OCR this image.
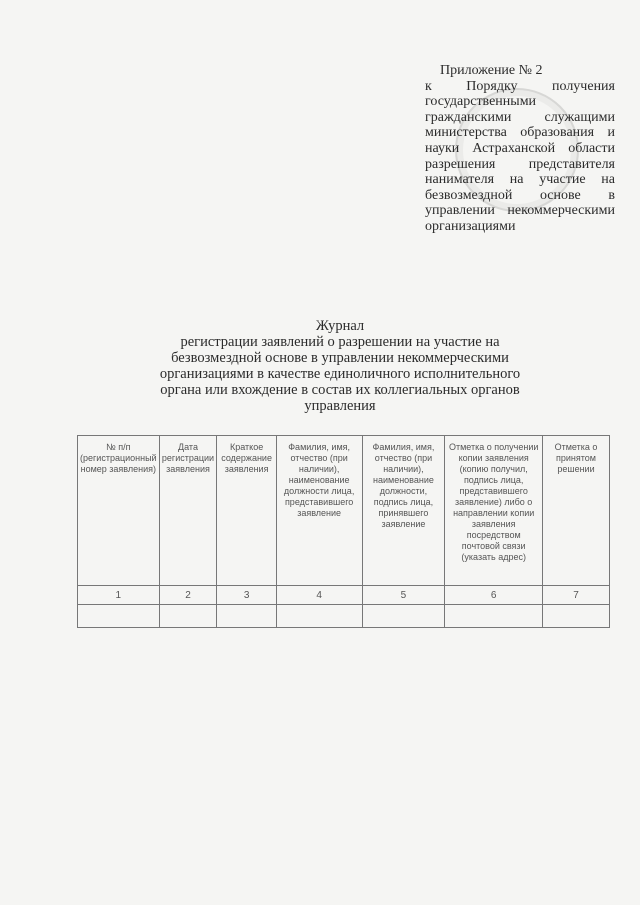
Приложение № 2
к Порядку получения государственными гражданскими служащими министерства образования и науки Астраханской области разрешения представителя нанимателя на участие на безвозмездной основе в управлении некоммерческими организациями
Журнал
регистрации заявлений о разрешении на участие на безвозмездной основе в управлении некоммерческими организациями в качестве единоличного исполнительного органа или вхождение в состав их коллегиальных органов управления
№ п/п (регистрационный номер заявления)	Дата регистрации заявления	Краткое содержание заявления	Фамилия, имя, отчество (при наличии), наименование должности лица, представившего заявление	Фамилия, имя, отчество (при наличии), наименование должности, подпись лица, принявшего заявление	Отметка о получении копии заявления (копию получил, подпись лица, представившего заявление) либо о направлении копии заявления посредством почтовой связи (указать адрес)	Отметка о принятом решении
1	2	3	4	5	6	7
